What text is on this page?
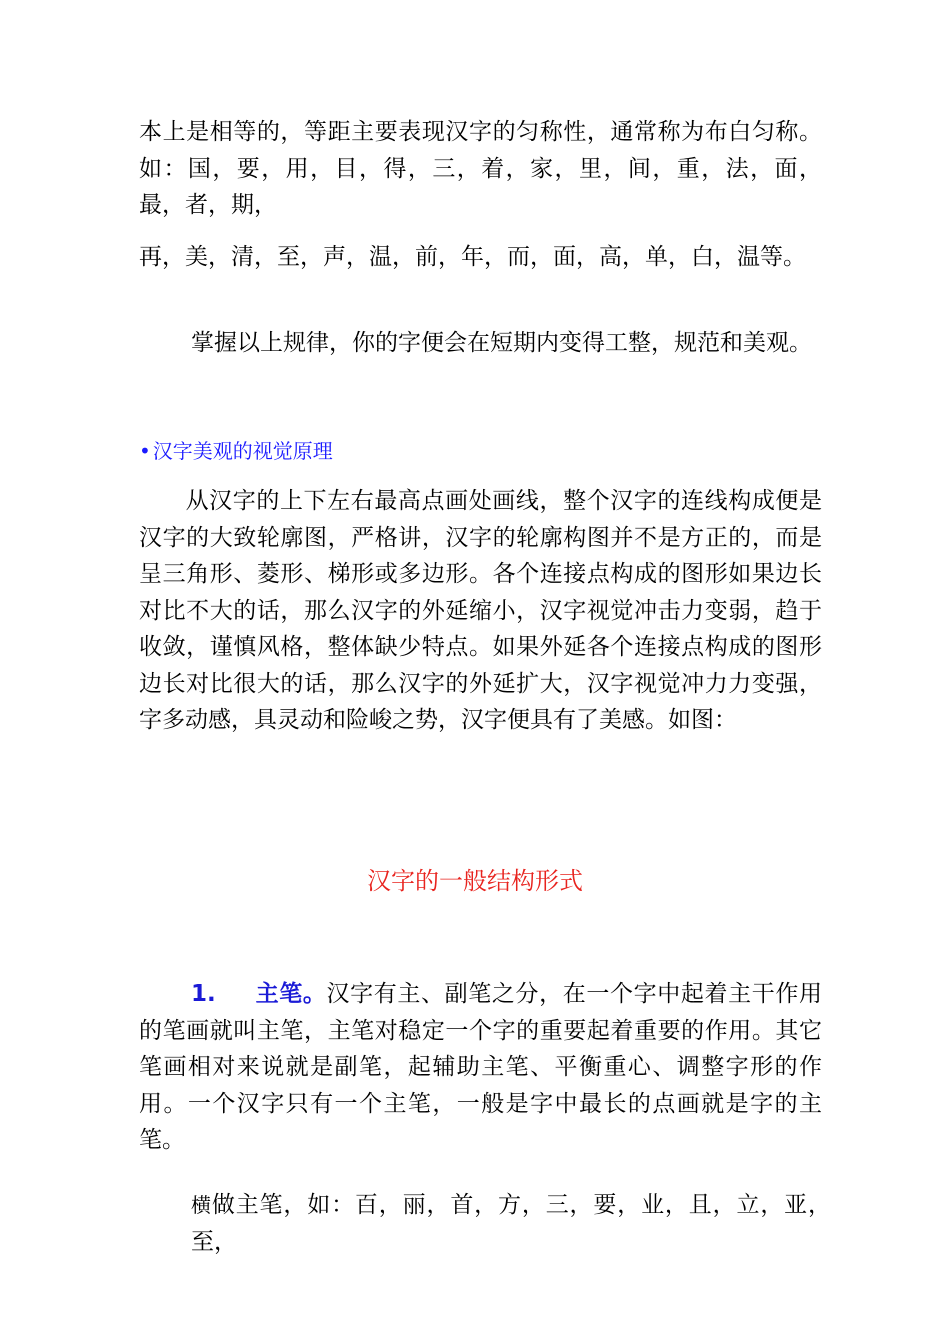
本上是相等的，等距主要表现汉字的匀称性，通常称为布白匀称。如：国，要，用，目，得，三，着，家，里，间，重，法，面，最，者，期，

再，美，清，至，声，温，前，年，而，面，高，单，白，温等。

掌握以上规律，你的字便会在短期内变得工整，规范和美观。

• 汉字美观的视觉原理

从汉字的上下左右最高点画处画线，整个汉字的连线构成便是汉字的大致轮廓图，严格讲，汉字的轮廓构图并不是方正的，而是呈三角形、菱形、梯形或多边形。各个连接点构成的图形如果边长对比不大的话，那么汉字的外延缩小，汉字视觉冲击力变弱，趋于收敛，谨慎风格，整体缺少特点。如果外延各个连接点构成的图形边长对比很大的话，那么汉字的外延扩大，汉字视觉冲力力变强，字多动感，具灵动和险峻之势，汉字便具有了美感。如图：

汉字的一般结构形式

1. 主笔。汉字有主、副笔之分，在一个字中起着主干作用的笔画就叫主笔，主笔对稳定一个字的重要起着重要的作用。其它笔画相对来说就是副笔，起辅助主笔、平衡重心、调整字形的作用。一个汉字只有一个主笔，一般是字中最长的点画就是字的主笔。

横做主笔，如：百，丽，首，方，三，要，业，且，立，亚，至，
